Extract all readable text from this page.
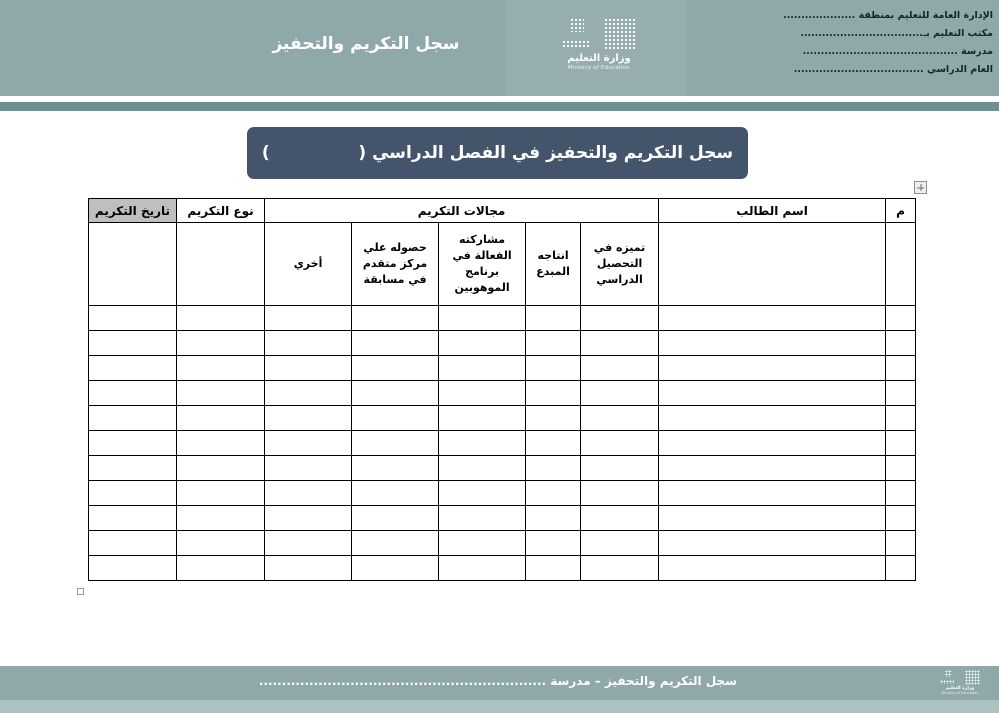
الإدارة العامة للتعليم بمنطقة ....................
مكتب التعليم بـ..................................
مدرسة ...........................................
العام الدراسي ....................................
وزارة التعليم
Ministry of Education
سجل التكريم والتحفيز
سجل التكريم والتحفيز في الفصل الدراسي (               )
م	اسم الطالب	مجالات التكريم					نوع التكريم	تاريخ التكريم
		تميزه في التحصيل الدراسي	انتاجه المبدع	مشاركته الفعالة في برنامج الموهوبين	حصوله علي مركز متقدم في مسابقة	أخري		

سجل التكريم والتحفيز – مدرسة ...............................................................
وزارة التعليم
Ministry of Education
